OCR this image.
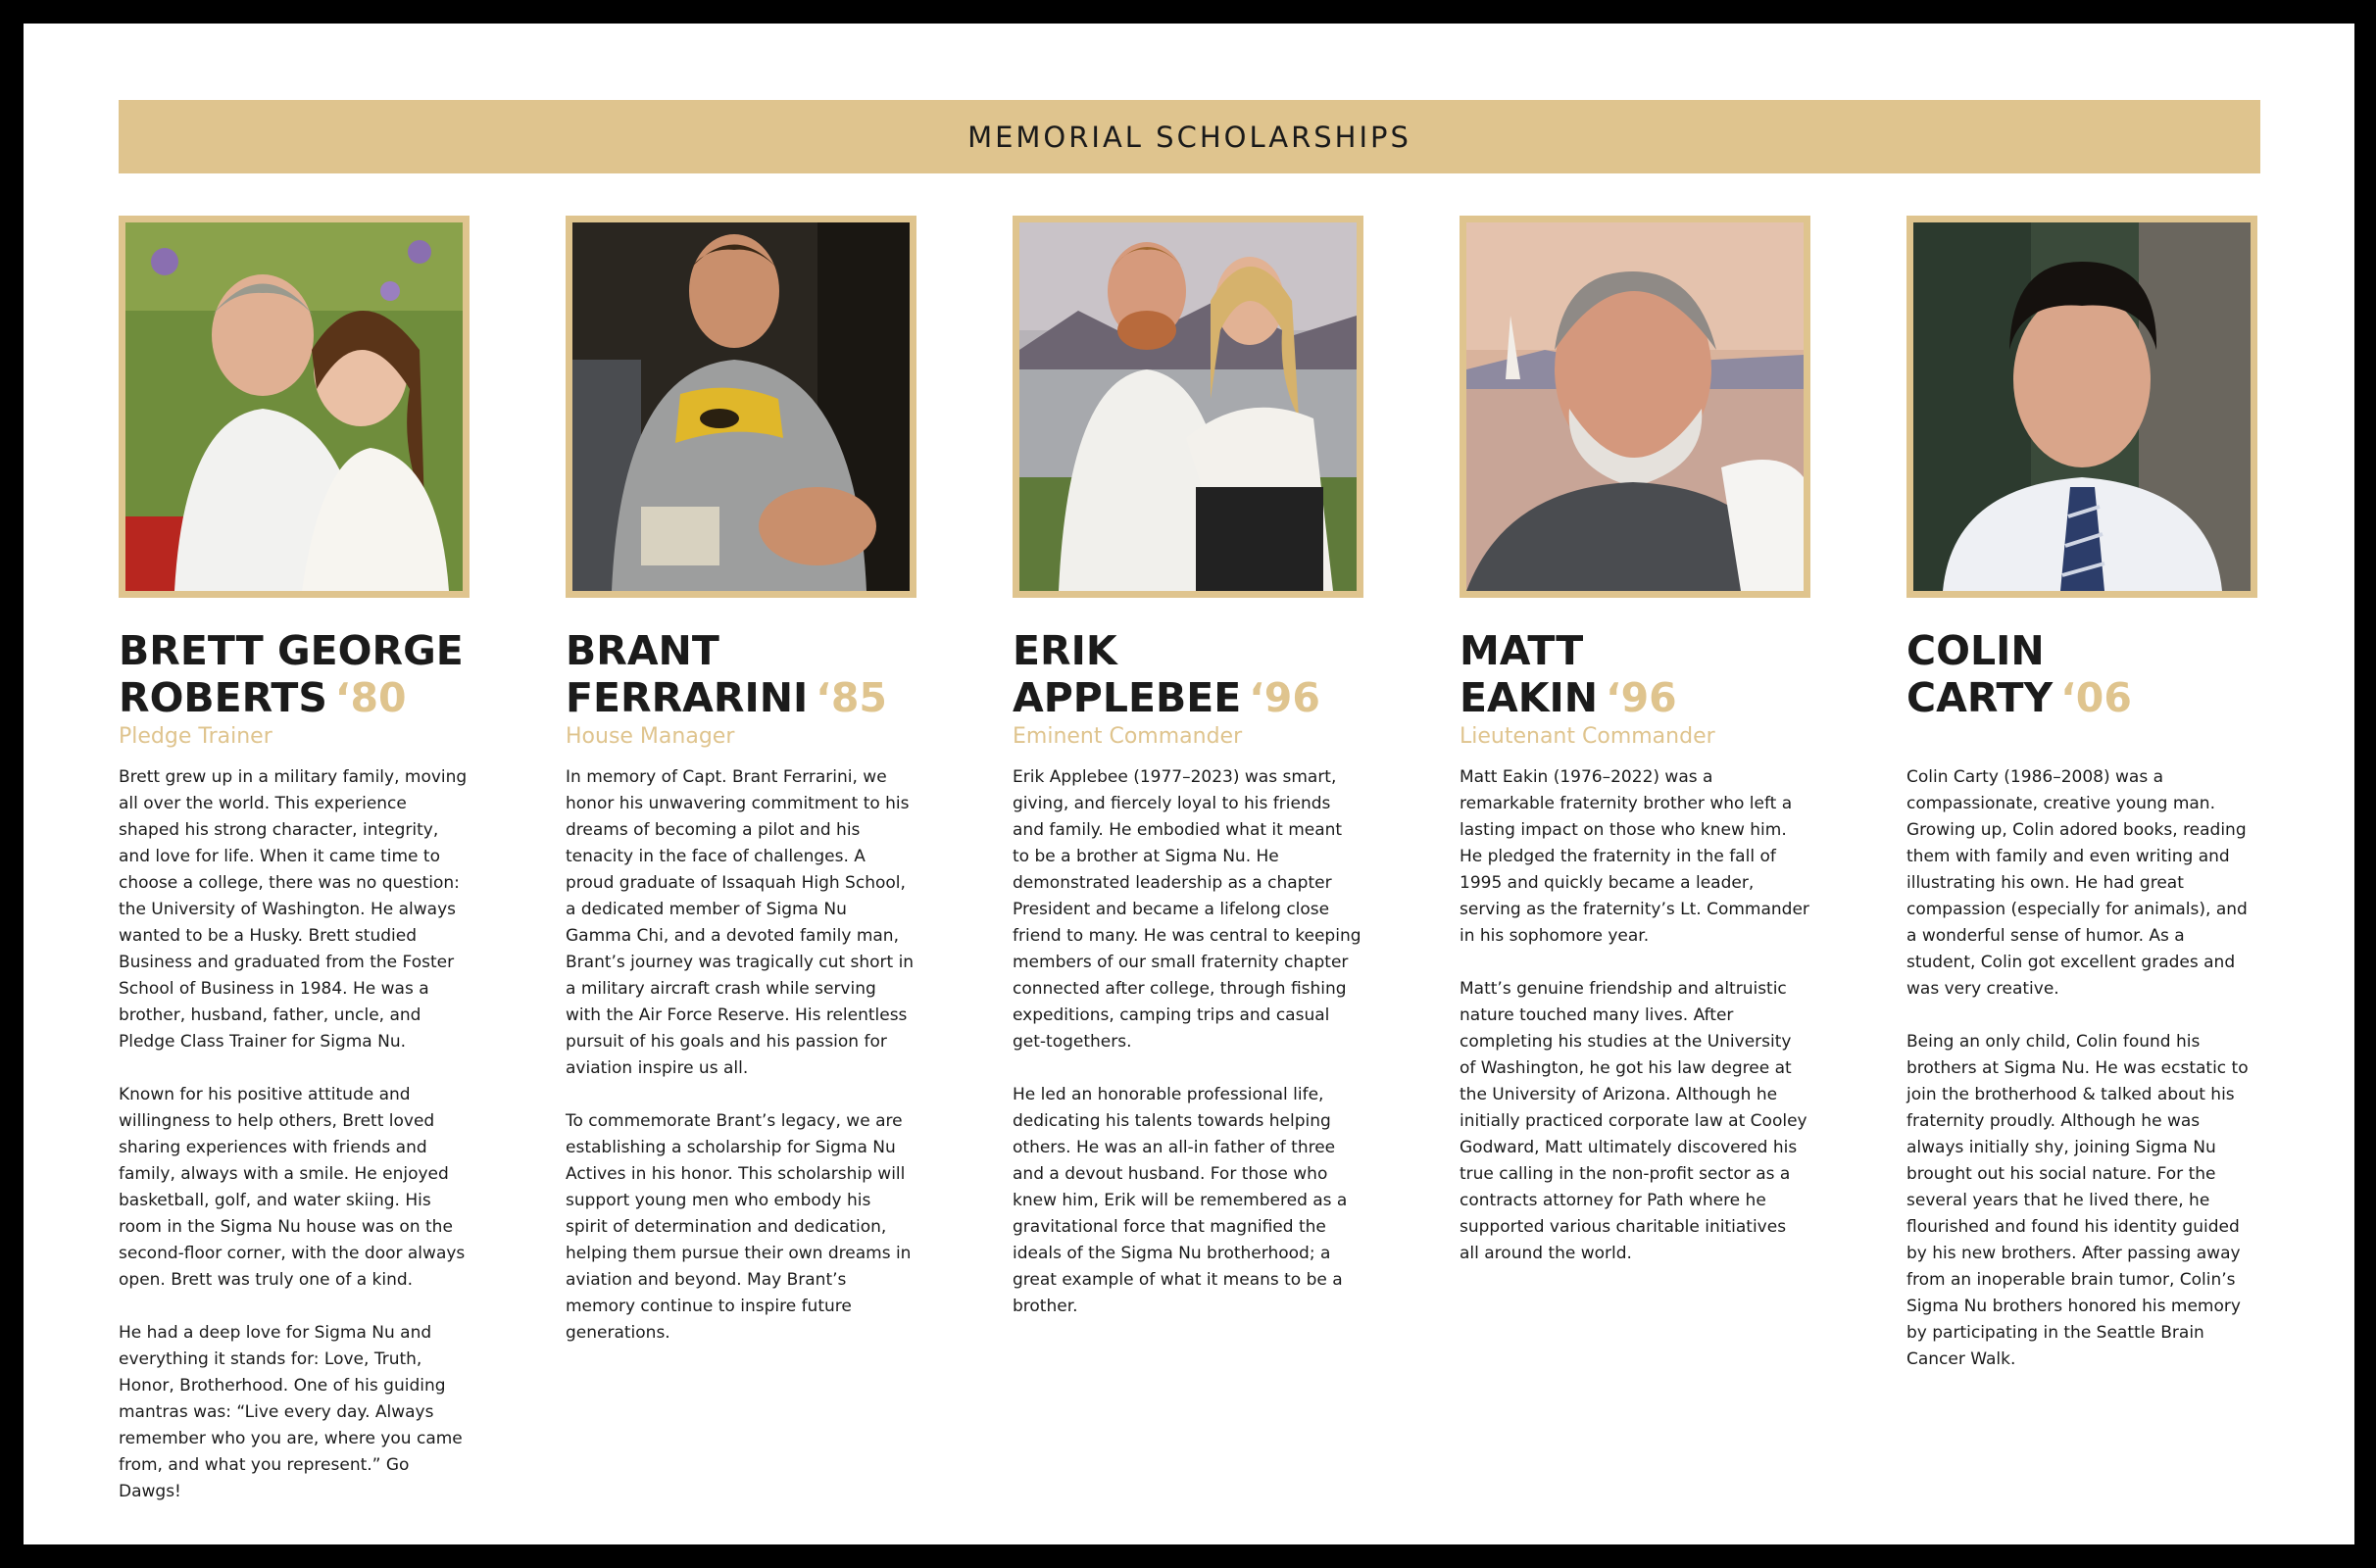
MEMORIAL SCHOLARSHIPS
BRETT GEORGE
ROBERTS ‘80
Pledge Trainer

Brett grew up in a military family, moving all over the world. This experience shaped his strong character, integrity, and love for life. When it came time to choose a college, there was no question: the University of Washington. He always wanted to be a Husky. Brett studied Business and graduated from the Foster School of Business in 1984. He was a brother, husband, father, uncle, and Pledge Class Trainer for Sigma Nu.

Known for his positive attitude and willingness to help others, Brett loved sharing experiences with friends and family, always with a smile. He enjoyed basketball, golf, and water skiing. His room in the Sigma Nu house was on the second-floor corner, with the door always open. Brett was truly one of a kind.

He had a deep love for Sigma Nu and everything it stands for: Love, Truth, Honor, Brotherhood. One of his guiding mantras was: “Live every day. Always remember who you are, where you came from, and what you represent.” Go Dawgs!

BRANT
FERRARINI ‘85
House Manager

In memory of Capt. Brant Ferrarini, we honor his unwavering commitment to his dreams of becoming a pilot and his tenacity in the face of challenges. A proud graduate of Issaquah High School, a dedicated member of Sigma Nu Gamma Chi, and a devoted family man, Brant’s journey was tragically cut short in a military aircraft crash while serving with the Air Force Reserve. His relentless pursuit of his goals and his passion for aviation inspire us all.

To commemorate Brant’s legacy, we are establishing a scholarship for Sigma Nu Actives in his honor. This scholarship will support young men who embody his spirit of determination and dedication, helping them pursue their own dreams in aviation and beyond. May Brant’s memory continue to inspire future generations.

ERIK
APPLEBEE ‘96
Eminent Commander

Erik Applebee (1977–2023) was smart, giving, and fiercely loyal to his friends and family. He embodied what it meant to be a brother at Sigma Nu. He demonstrated leadership as a chapter President and became a lifelong close friend to many. He was central to keeping members of our small fraternity chapter connected after college, through fishing expeditions, camping trips and casual get-togethers.

He led an honorable professional life, dedicating his talents towards helping others. He was an all-in father of three and a devout husband. For those who knew him, Erik will be remembered as a gravitational force that magnified the ideals of the Sigma Nu brotherhood; a great example of what it means to be a brother.

MATT
EAKIN ‘96
Lieutenant Commander

Matt Eakin (1976–2022) was a remarkable fraternity brother who left a lasting impact on those who knew him. He pledged the fraternity in the fall of 1995 and quickly became a leader, serving as the fraternity’s Lt. Commander in his sophomore year.

Matt’s genuine friendship and altruistic nature touched many lives. After completing his studies at the University of Washington, he got his law degree at the University of Arizona. Although he initially practiced corporate law at Cooley Godward, Matt ultimately discovered his true calling in the non-profit sector as a contracts attorney for Path where he supported various charitable initiatives all around the world.

COLIN
CARTY ‘06

Colin Carty (1986–2008) was a compassionate, creative young man. Growing up, Colin adored books, reading them with family and even writing and illustrating his own. He had great compassion (especially for animals), and a wonderful sense of humor. As a student, Colin got excellent grades and was very creative.

Being an only child, Colin found his brothers at Sigma Nu. He was ecstatic to join the brotherhood & talked about his fraternity proudly. Although he was always initially shy, joining Sigma Nu brought out his social nature. For the several years that he lived there, he flourished and found his identity guided by his new brothers. After passing away from an inoperable brain tumor, Colin’s Sigma Nu brothers honored his memory by participating in the Seattle Brain Cancer Walk.
